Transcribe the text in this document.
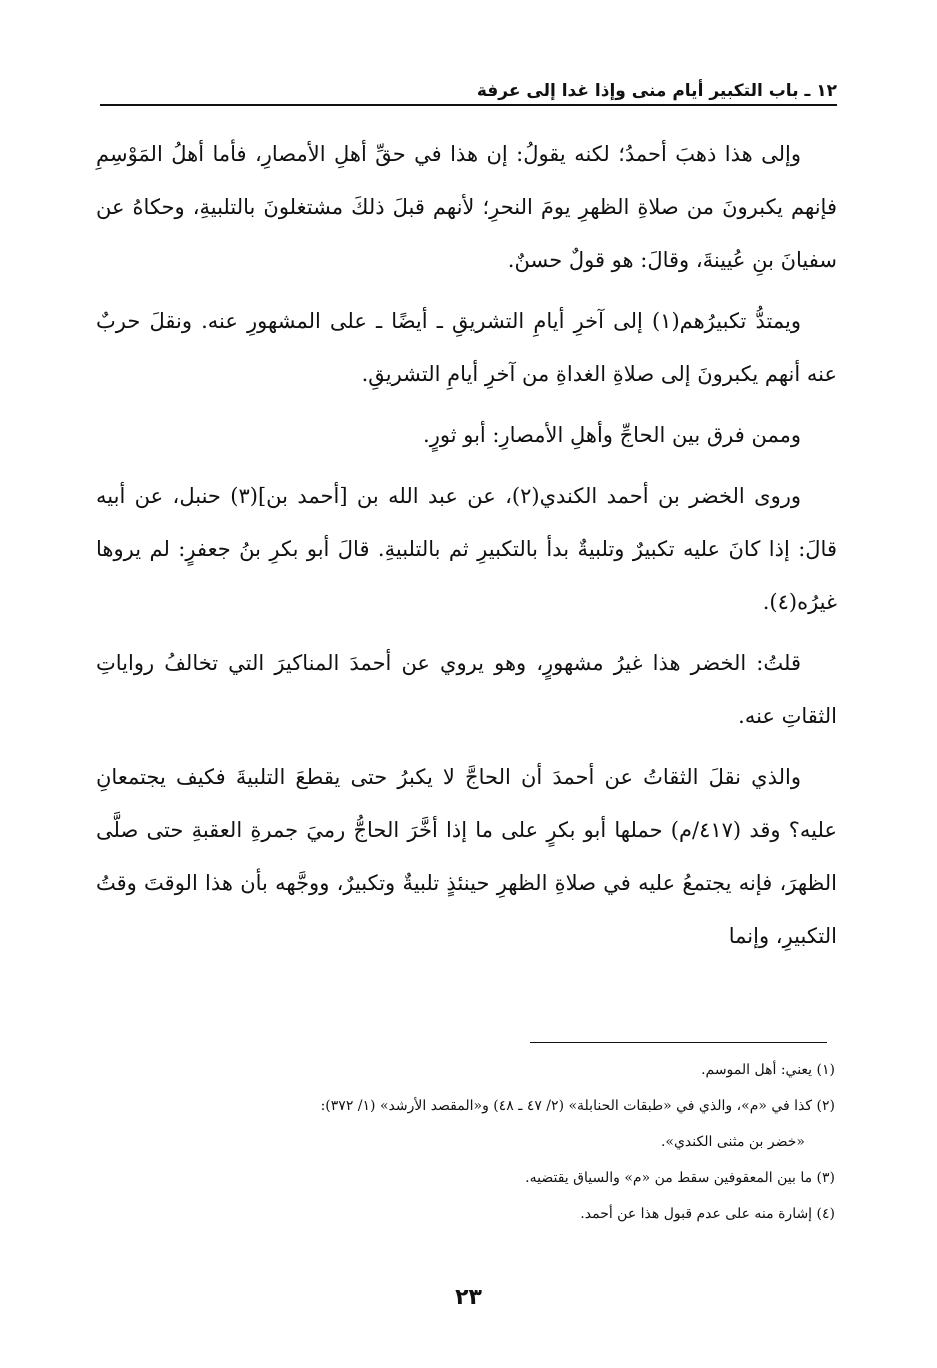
١٢ ـ باب التكبير أيام منى وإذا غدا إلى عرفة

وإلى هذا ذهبَ أحمدُ؛ لكنه يقولُ: إن هذا في حقِّ أهلِ الأمصارِ، فأما أهلُ المَوْسِمِ فإنهم يكبرونَ من صلاةِ الظهرِ يومَ النحرِ؛ لأنهم قبلَ ذلكَ مشتغلونَ بالتلبيةِ، وحكاهُ عن سفيانَ بنِ عُيينةَ، وقالَ: هو قولٌ حسنٌ.

ويمتدُّ تكبيرُهم(١) إلى آخرِ أيامِ التشريقِ ـ أيضًا ـ على المشهورِ عنه. ونقلَ حربٌ عنه أنهم يكبرونَ إلى صلاةِ الغداةِ من آخرِ أيامِ التشريقِ.

وممن فرق بين الحاجِّ وأهلِ الأمصارِ: أبو ثورٍ.

وروى الخضر بن أحمد الكندي(٢)، عن عبد الله بن [أحمد بن](٣) حنبل، عن أبيه قالَ: إذا كانَ عليه تكبيرٌ وتلبيةٌ بدأ بالتكبيرِ ثم بالتلبيةِ. قالَ أبو بكرِ بنُ جعفرٍ: لم يروها غيرُه(٤).

قلتُ: الخضر هذا غيرُ مشهورٍ، وهو يروي عن أحمدَ المناكيرَ التي تخالفُ رواياتِ الثقاتِ عنه.

والذي نقلَ الثقاتُ عن أحمدَ أن الحاجَّ لا يكبرُ حتى يقطعَ التلبيةَ فكيف يجتمعانِ عليه؟ وقد (٤١٧/م) حملها أبو بكرٍ على ما إذا أخَّرَ الحاجُّ رميَ جمرةِ العقبةِ حتى صلَّى الظهرَ، فإنه يجتمعُ عليه في صلاةِ الظهرِ حينئذٍ تلبيةٌ وتكبيرٌ، ووجَّهه بأن هذا الوقتَ وقتُ التكبيرِ، وإنما

(١) يعني: أهل الموسم.

(٢) كذا في «م»، والذي في «طبقات الحنابلة» (٢/ ٤٧ ـ ٤٨) و«المقصد الأرشد» (١/ ٣٧٢):

«خضر بن مثنى الكندي».

(٣) ما بين المعقوفين سقط من «م» والسياق يقتضيه.

(٤) إشارة منه على عدم قبول هذا عن أحمد.

٢٣
